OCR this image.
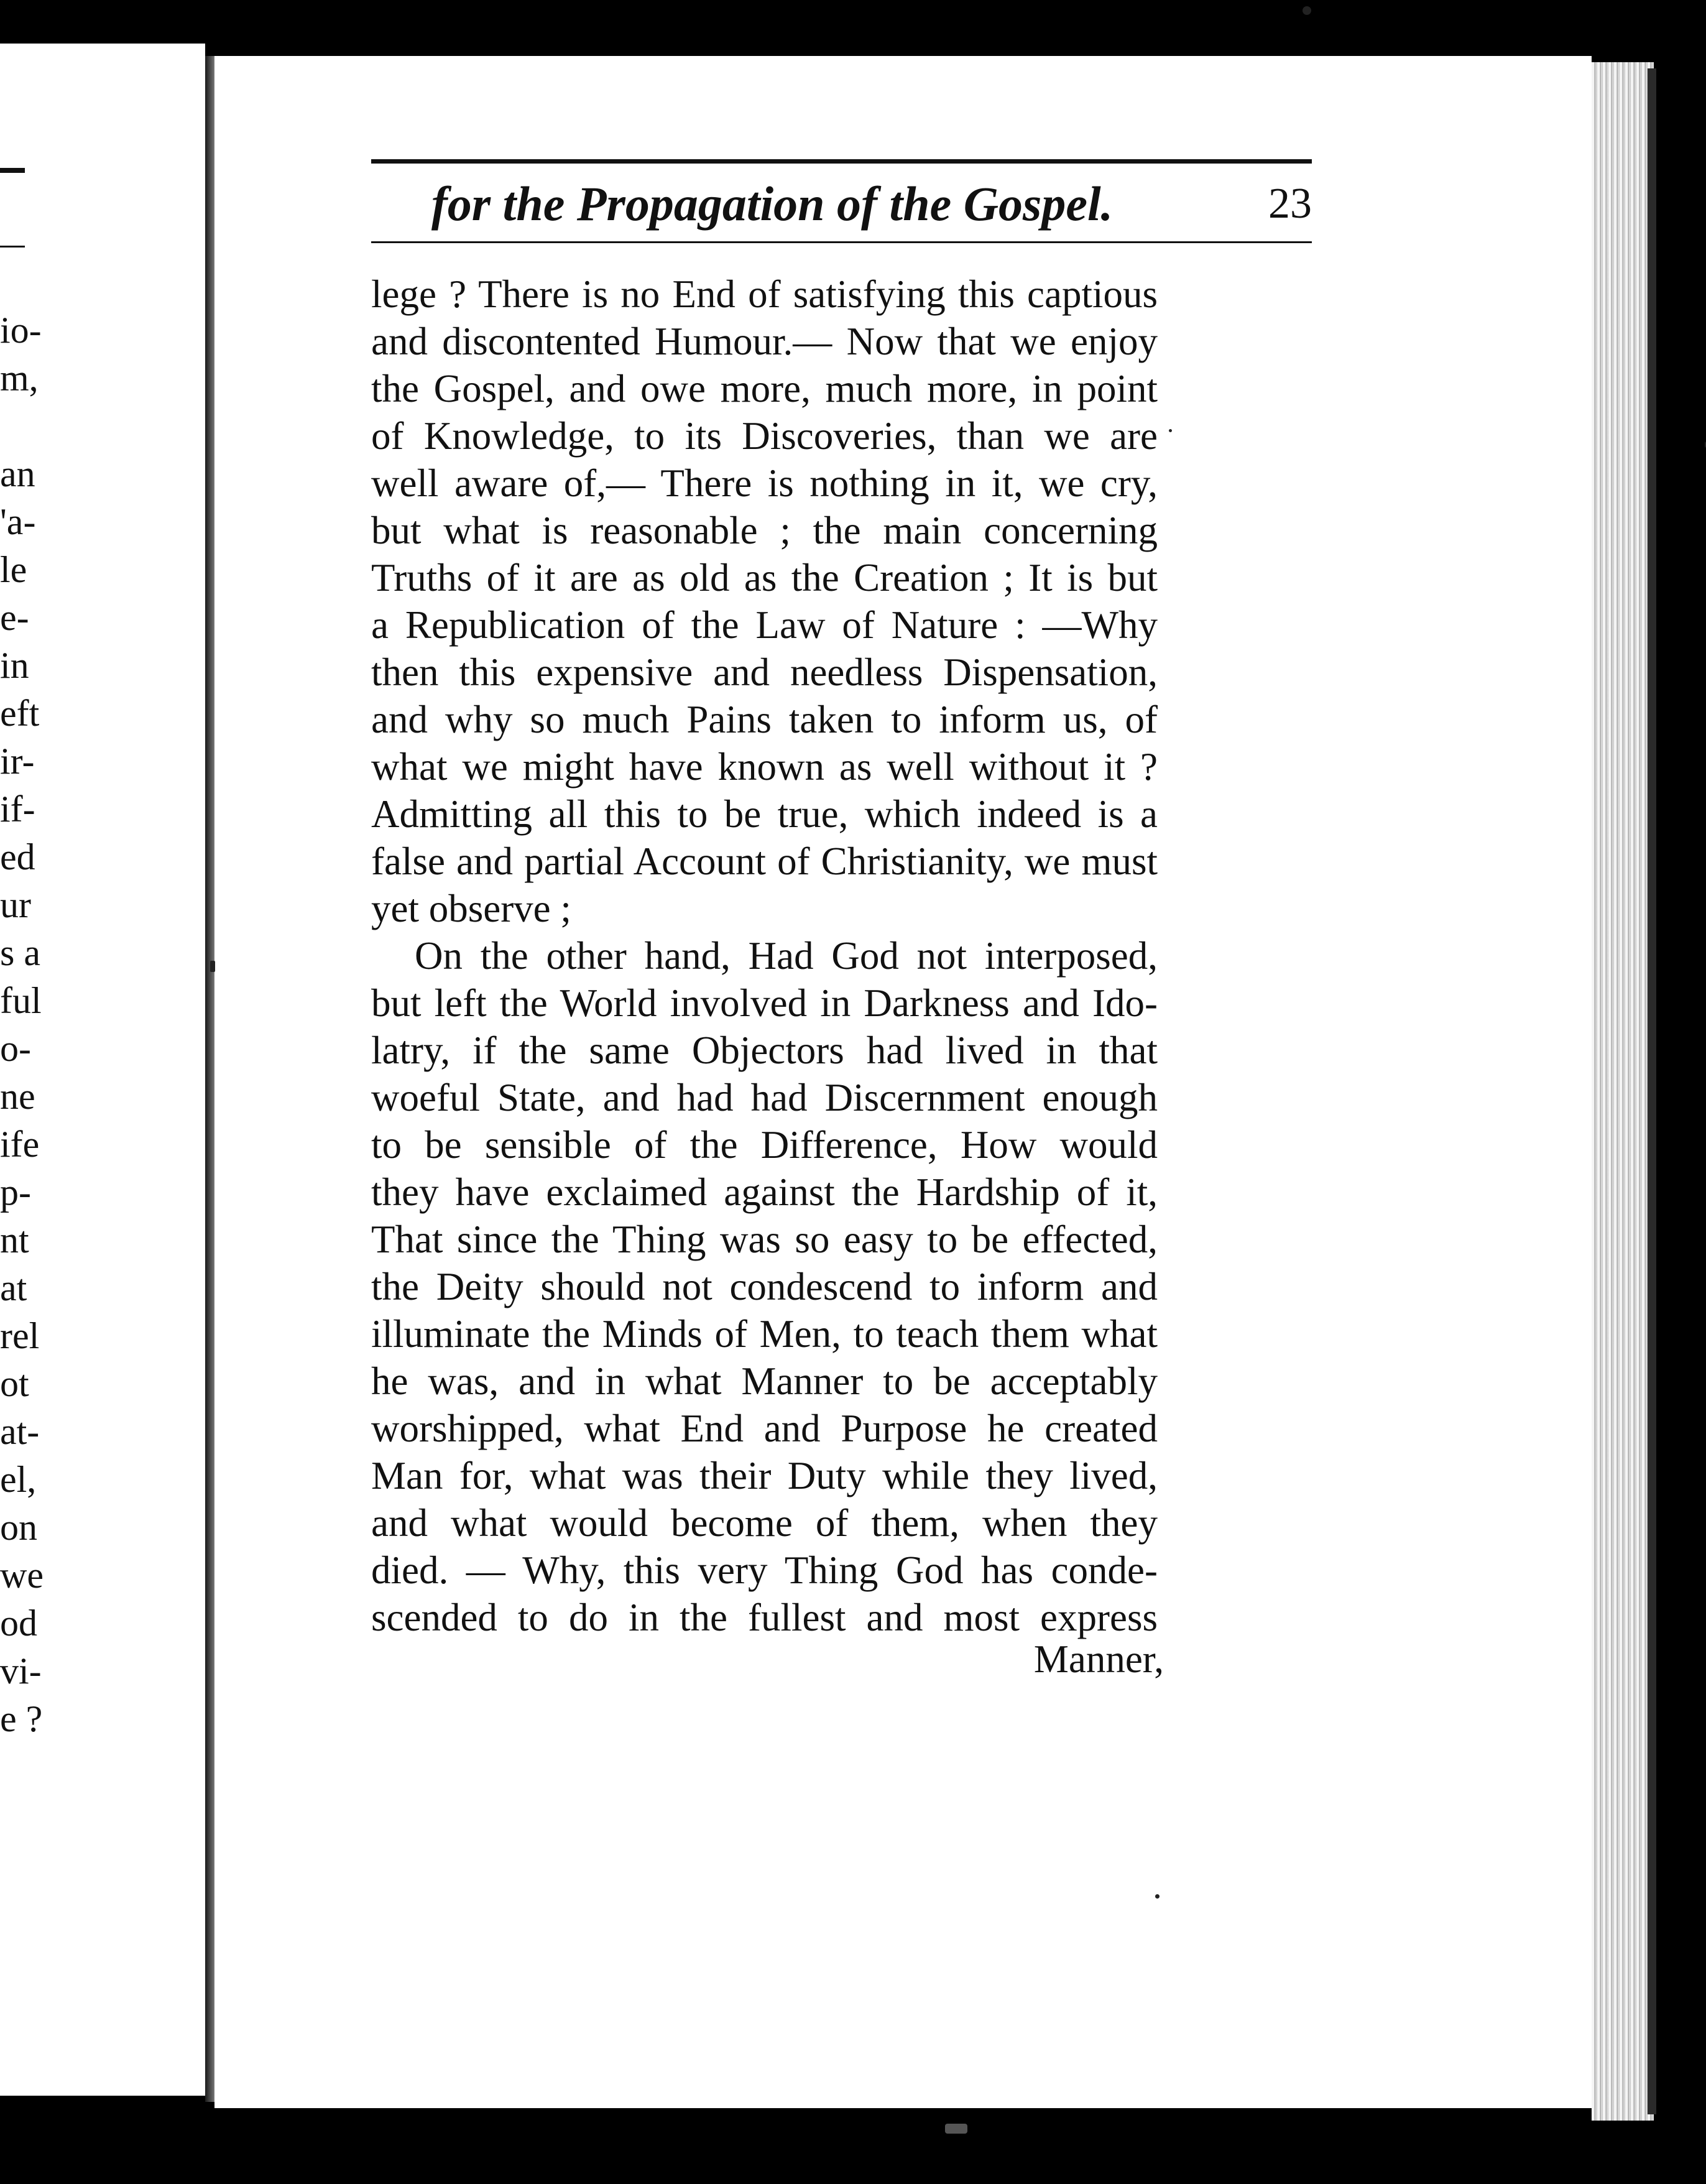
io-
m,
an
'a-
le
e-
in
eft
ir-
if-
ed
ur
s a
ful
o-
ne
ife
p-
nt
at
rel
ot
at-
el,
on
we
od
vi-
e ?
for the Propagation of the Gospel.	23
lege ? There is no End of satisfying this captious
and discontented Humour.— Now that we enjoy
the Gospel, and owe more, much more, in point
of Knowledge, to its Discoveries, than we are
well aware of,— There is nothing in it, we cry,
but what is reasonable ; the main concerning
Truths of it are as old as the Creation ; It is but
a Republication of the Law of Nature : —Why
then this expensive and needless Dispensation,
and why so much Pains taken to inform us, of
what we might have known as well without it ?
Admitting all this to be true, which indeed is a
false and partial Account of Christianity, we must
yet observe ;
On the other hand, Had God not interposed,
but left the World involved in Darkness and Ido-
latry, if the same Objectors had lived in that
woeful State, and had had Discernment enough
to be sensible of the Difference, How would
they have exclaimed against the Hardship of it,
That since the Thing was so easy to be effected,
the Deity should not condescend to inform and
illuminate the Minds of Men, to teach them what
he was, and in what Manner to be acceptably
worshipped, what End and Purpose he created
Man for, what was their Duty while they lived,
and what would become of them, when they
died. — Why, this very Thing God has conde-
scended to do in the fullest and most express
Manner,
